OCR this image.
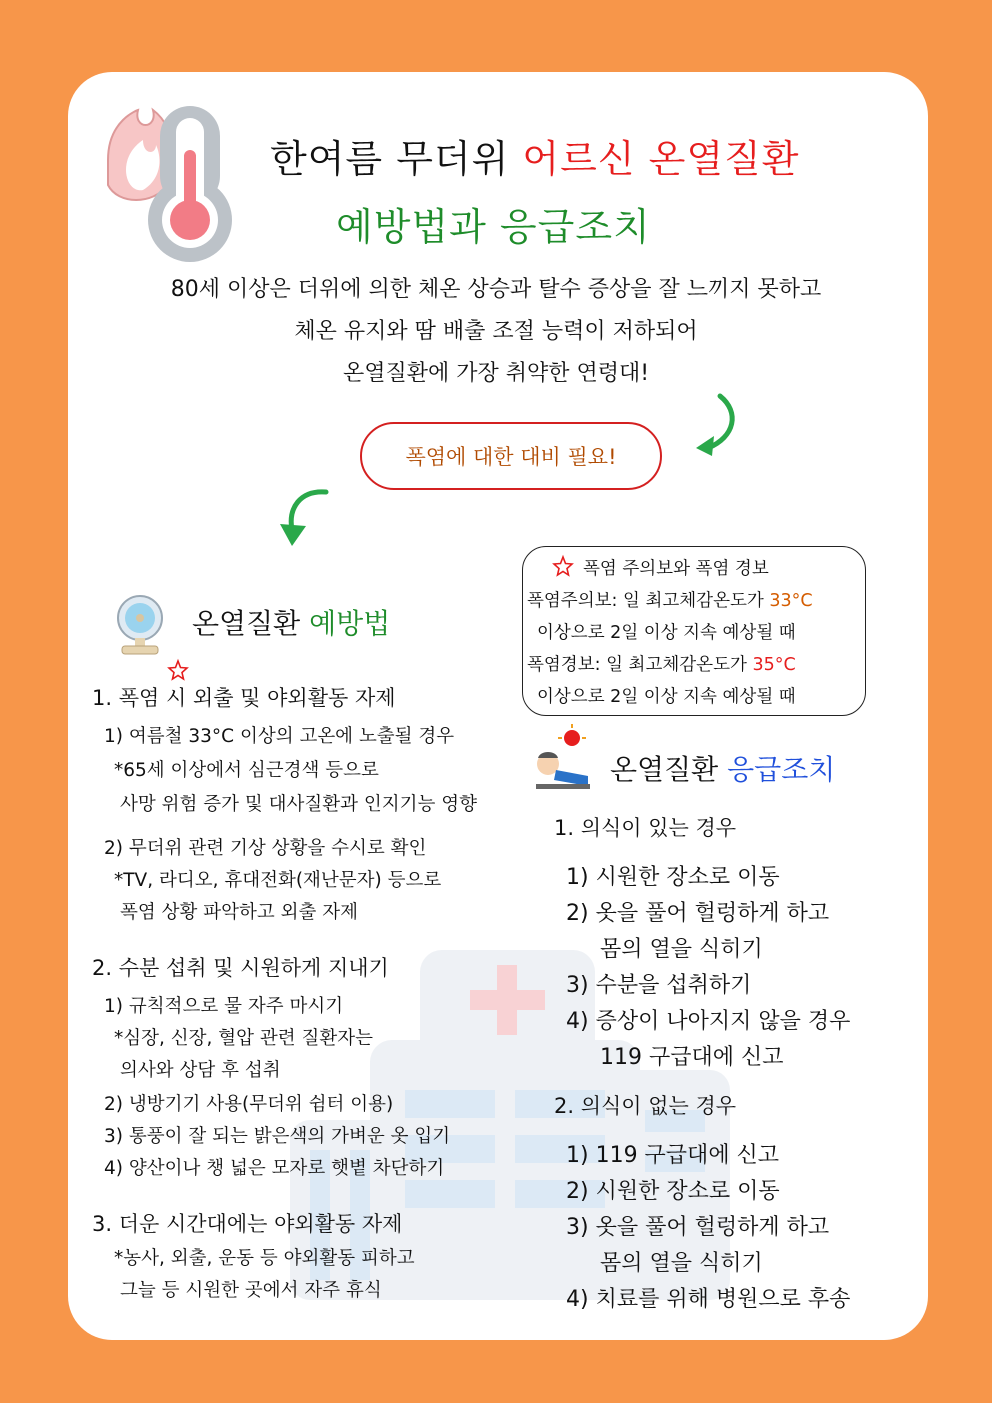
한여름 무더위 어르신 온열질환
예방법과 응급조치
80세 이상은 더위에 의한 체온 상승과 탈수 증상을 잘 느끼지 못하고
체온 유지와 땀 배출 조절 능력이 저하되어
온열질환에 가장 취약한 연령대!
폭염에 대한 대비 필요!
폭염 주의보와 폭염 경보
폭염주의보: 일 최고체감온도가 33°C
이상으로 2일 이상 지속 예상될 때
폭염경보: 일 최고체감온도가 35°C
이상으로 2일 이상 지속 예상될 때
온열질환 예방법
1. 폭염 시 외출 및 야외활동 자제
1) 여름철 33°C 이상의 고온에 노출될 경우
*65세 이상에서 심근경색 등으로
사망 위험 증가 및 대사질환과 인지기능 영향
2) 무더위 관련 기상 상황을 수시로 확인
*TV, 라디오, 휴대전화(재난문자) 등으로
폭염 상황 파악하고 외출 자제
2. 수분 섭취 및 시원하게 지내기
1) 규칙적으로 물 자주 마시기
*심장, 신장, 혈압 관련 질환자는
의사와 상담 후 섭취
2) 냉방기기 사용(무더위 쉼터 이용)
3) 통풍이 잘 되는 밝은색의 가벼운 옷 입기
4) 양산이나 챙 넓은 모자로 햇볕 차단하기
3. 더운 시간대에는 야외활동 자제
*농사, 외출, 운동 등 야외활동 피하고
그늘 등 시원한 곳에서 자주 휴식
온열질환 응급조치
1. 의식이 있는 경우
1) 시원한 장소로 이동
2) 옷을 풀어 헐렁하게 하고
몸의 열을 식히기
3) 수분을 섭취하기
4) 증상이 나아지지 않을 경우
119 구급대에 신고
2. 의식이 없는 경우
1) 119 구급대에 신고
2) 시원한 장소로 이동
3) 옷을 풀어 헐렁하게 하고
몸의 열을 식히기
4) 치료를 위해 병원으로 후송
